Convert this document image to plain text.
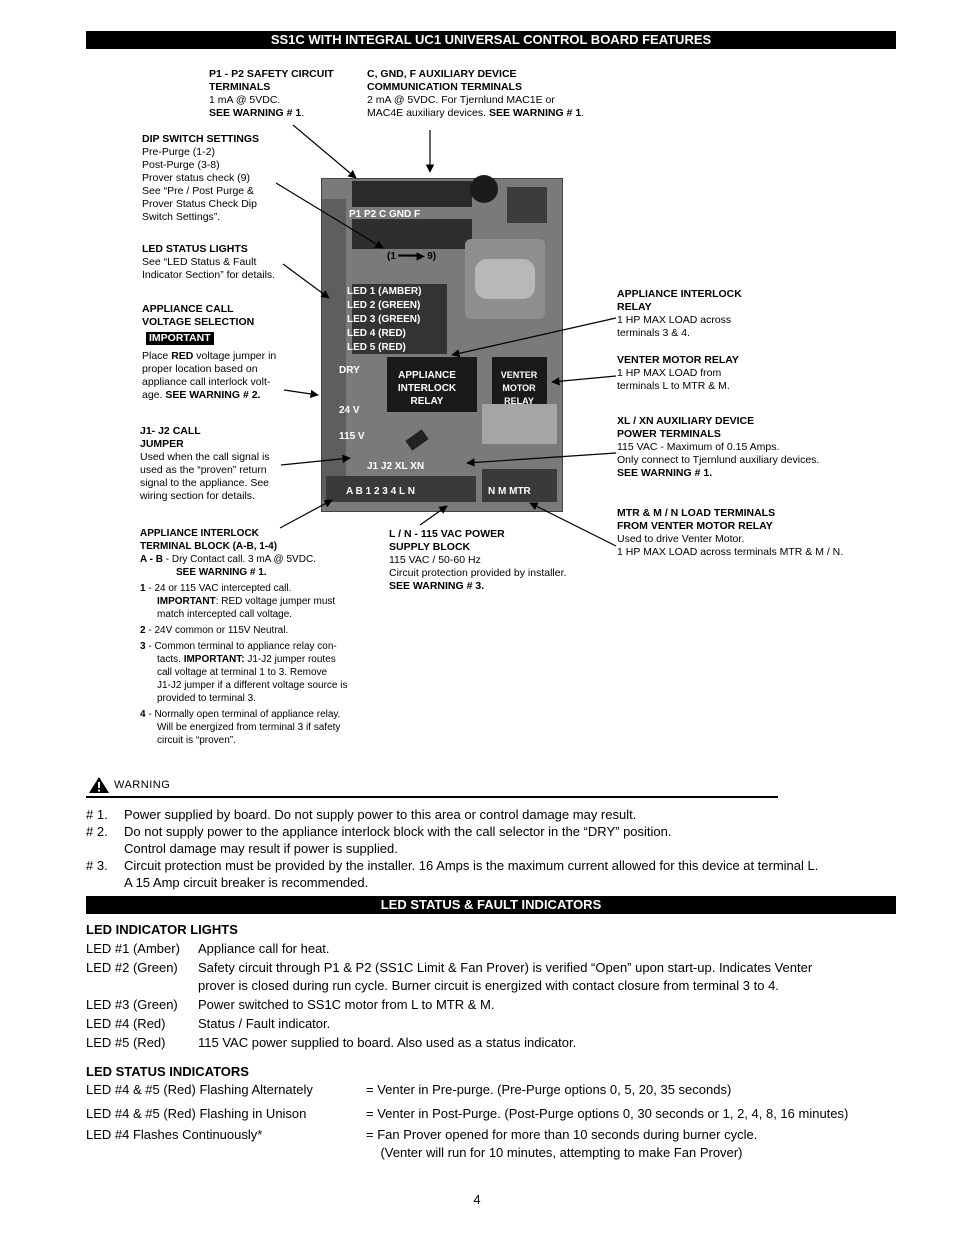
SS1C WITH INTEGRAL UC1 UNIVERSAL CONTROL BOARD FEATURES
P1 - P2 SAFETY CIRCUIT
TERMINALS
1 mA @ 5VDC.
SEE WARNING # 1.
C, GND, F AUXILIARY DEVICE
COMMUNICATION TERMINALS
2 mA @ 5VDC. For Tjernlund MAC1E or
MAC4E auxiliary devices. SEE WARNING # 1.
DIP SWITCH SETTINGS
Pre-Purge (1-2)
Post-Purge (3-8)
Prover status check (9)
See “Pre / Post Purge &
Prover Status Check Dip
Switch Settings”.
LED STATUS LIGHTS
See “LED Status & Fault
Indicator Section” for details.
APPLIANCE CALL
VOLTAGE SELECTION
IMPORTANT
Place RED voltage jumper in
proper location based on
appliance call interlock volt-
age. SEE WARNING # 2.
J1- J2 CALL
JUMPER
Used when the call signal is
used as the “proven” return
signal to the appliance. See
wiring section for details.
APPLIANCE INTERLOCK
TERMINAL BLOCK (A-B, 1-4)
A - B - Dry Contact call. 3 mA @ 5VDC.
SEE WARNING # 1.

1 - 24 or 115 VAC intercepted call.
IMPORTANT: RED voltage jumper must
match intercepted call voltage.

2 - 24V common or 115V Neutral.

3 - Common terminal to appliance relay con-
tacts. IMPORTANT: J1-J2 jumper routes
call voltage at terminal 1 to 3. Remove
J1-J2 jumper if a different voltage source is
provided to terminal 3.

4 - Normally open terminal of appliance relay.
Will be energized from terminal 3 if safety
circuit is “proven”.
L / N - 115 VAC POWER
SUPPLY BLOCK
115 VAC / 50-60 Hz
Circuit protection provided by installer.
SEE WARNING # 3.
APPLIANCE INTERLOCK
RELAY
1 HP MAX LOAD across
terminals 3 & 4.
VENTER MOTOR RELAY
1 HP MAX LOAD from
terminals L to MTR & M.
XL / XN AUXILIARY DEVICE
POWER TERMINALS
115 VAC - Maximum of 0.15 Amps.
Only connect to Tjernlund auxiliary devices.
SEE WARNING # 1.
MTR & M / N LOAD TERMINALS
FROM VENTER MOTOR RELAY
Used to drive Venter Motor.
1 HP MAX LOAD across terminals MTR & M / N.
P1 P2 C GND F
(1 ━━━▶ 9)
LED 1 (AMBER)
LED 2 (GREEN)
LED 3 (GREEN)
LED 4 (RED)
LED 5 (RED)
DRY
24 V
115 V
APPLIANCE
INTERLOCK
RELAY
VENTER
MOTOR
RELAY
J1 J2 XL XN
A B 1 2 3 4 L N	N M MTR
WARNING
# 1.	Power supplied by board. Do not supply power to this area or control damage may result.
# 2.	Do not supply power to the appliance interlock block with the call selector in the “DRY” position.
Control damage may result if power is supplied.
# 3.	Circuit protection must be provided by the installer. 16 Amps is the maximum current allowed for this device at terminal L.
A 15 Amp circuit breaker is recommended.
LED STATUS & FAULT INDICATORS
LED INDICATOR LIGHTS
LED #1 (Amber)	Appliance call for heat.
LED #2 (Green)	Safety circuit through P1 & P2 (SS1C Limit & Fan Prover) is verified “Open” upon start-up. Indicates Venter
prover is closed during run cycle. Burner circuit is energized with contact closure from terminal 3 to 4.
LED #3 (Green)	Power switched to SS1C motor from L to MTR & M.
LED #4 (Red)	Status / Fault indicator.
LED #5 (Red)	115 VAC power supplied to board. Also used as a status indicator.
LED STATUS INDICATORS
LED #4 & #5 (Red) Flashing Alternately	= Venter in Pre-purge. (Pre-Purge options 0, 5, 20, 35 seconds)
LED #4 & #5 (Red) Flashing in Unison	= Venter in Post-Purge. (Post-Purge options 0, 30 seconds or 1, 2, 4, 8, 16 minutes)
LED #4 Flashes Continuously*	= Fan Prover opened for more than 10 seconds during burner cycle.
(Venter will run for 10 minutes, attempting to make Fan Prover)
4
